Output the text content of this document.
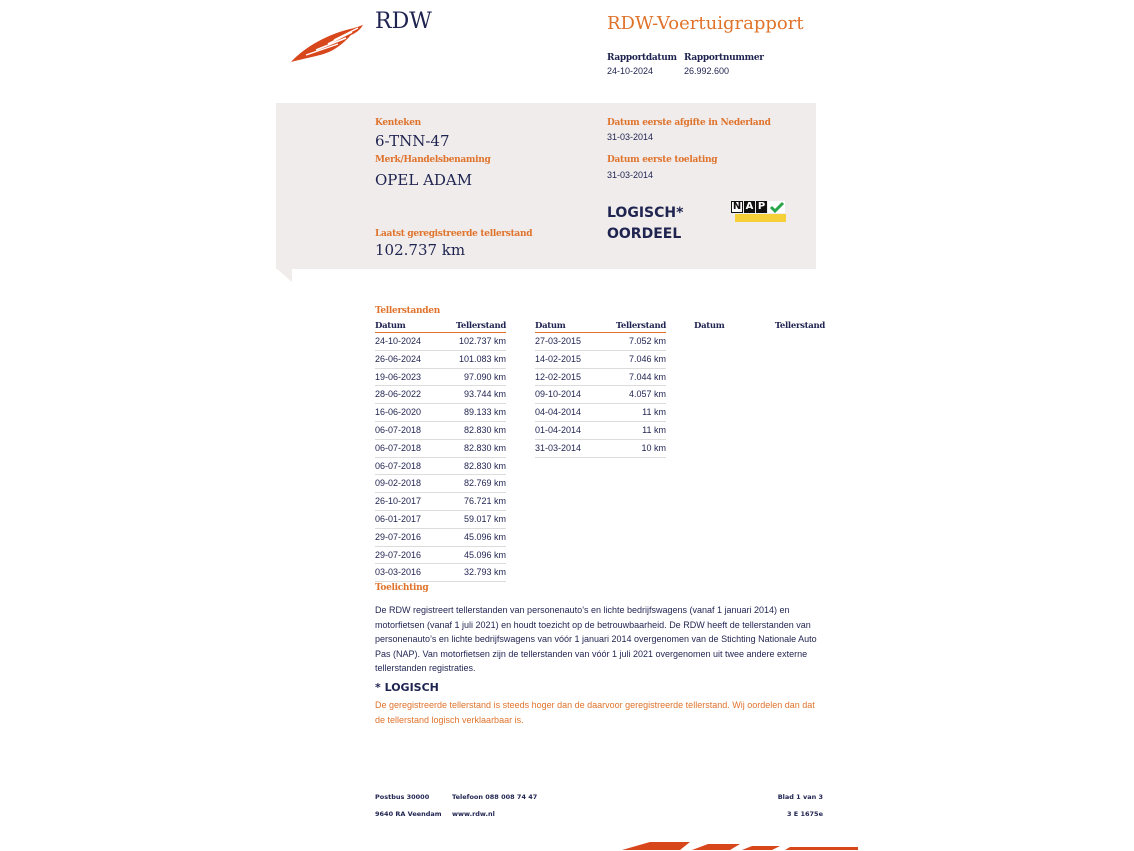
RDW	RDW-Voertuigrapport
Rapportdatum
24-10-2024
Rapportnummer
26.992.600
Kenteken
6-TNN-47
Merk/Handelsbenaming
OPEL ADAM
Laatst geregistreerde tellerstand
102.737 km
Datum eerste afgifte in Nederland
31-03-2014
Datum eerste toelating
31-03-2014
LOGISCH*
OORDEEL
N A P
Tellerstanden
Datum	Tellerstand
24-10-2024	102.737 km
26-06-2024	101.083 km
19-06-2023	97.090 km
28-06-2022	93.744 km
16-06-2020	89.133 km
06-07-2018	82.830 km
06-07-2018	82.830 km
06-07-2018	82.830 km
09-02-2018	82.769 km
26-10-2017	76.721 km
06-01-2017	59.017 km
29-07-2016	45.096 km
29-07-2016	45.096 km
03-03-2016	32.793 km
Datum	Tellerstand
27-03-2015	7.052 km
14-02-2015	7.046 km
12-02-2015	7.044 km
09-10-2014	4.057 km
04-04-2014	11 km
01-04-2014	11 km
31-03-2014	10 km
Datum	Tellerstand
Toelichting
De RDW registreert tellerstanden van personenauto’s en lichte bedrijfswagens (vanaf 1 januari 2014) en motorfietsen (vanaf 1 juli 2021) en houdt toezicht op de betrouwbaarheid. De RDW heeft de tellerstanden van personenauto’s en lichte bedrijfswagens van vóór 1 januari 2014 overgenomen van de Stichting Nationale Auto Pas (NAP). Van motorfietsen zijn de tellerstanden van vóór 1 juli 2021 overgenomen uit twee andere externe tellerstanden registraties.
* LOGISCH
De geregistreerde tellerstand is steeds hoger dan de daarvoor geregistreerde tellerstand. Wij oordelen dan dat de tellerstand logisch verklaarbaar is.
Postbus 30000
9640 RA Veendam
Telefoon 088 008 74 47
www.rdw.nl
Blad 1 van 3
3 E 1675e
